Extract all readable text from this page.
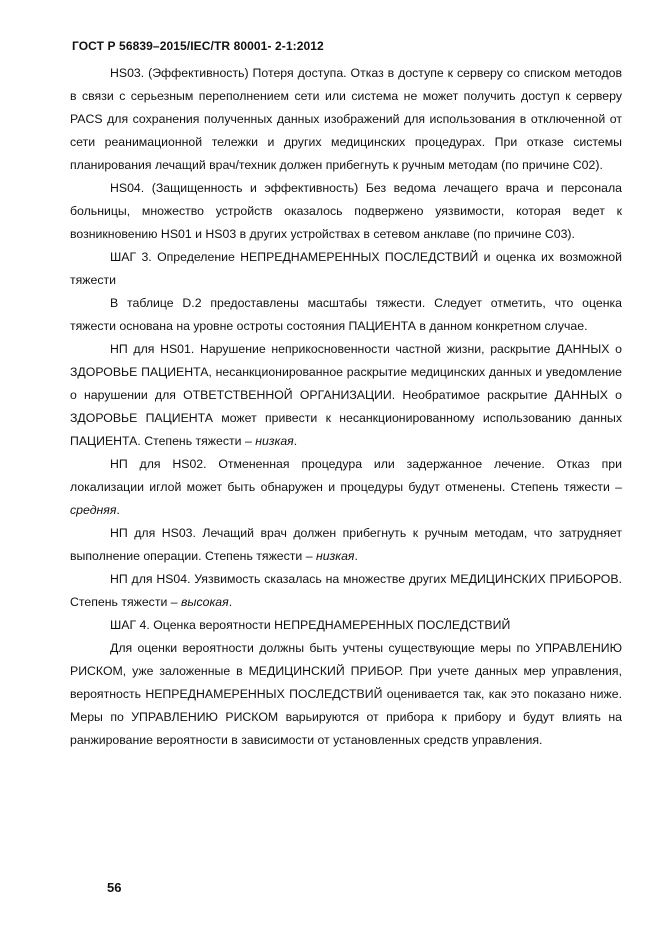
ГОСТ Р 56839–2015/IEC/TR 80001- 2-1:2012

HS03. (Эффективность) Потеря доступа. Отказ в доступе к серверу со списком методов в связи с серьезным переполнением сети или система не может получить доступ к серверу PACS для сохранения полученных данных изображений для использования в отключенной от сети реанимационной тележки и других медицинских процедурах. При отказе системы планирования лечащий врач/техник должен прибегнуть к ручным методам (по причине С02).

HS04. (Защищенность и эффективность) Без ведома лечащего врача и персонала больницы, множество устройств оказалось подвержено уязвимости, которая ведет к возникновению HS01 и HS03 в других устройствах в сетевом анклаве (по причине С03).

ШАГ 3. Определение НЕПРЕДНАМЕРЕННЫХ ПОСЛЕДСТВИЙ и оценка их возможной тяжести

В таблице D.2 предоставлены масштабы тяжести. Следует отметить, что оценка тяжести основана на уровне остроты состояния ПАЦИЕНТА в данном конкретном случае.

НП для HS01. Нарушение неприкосновенности частной жизни, раскрытие ДАННЫХ о ЗДОРОВЬЕ ПАЦИЕНТА, несанкционированное раскрытие медицинских данных и уведомление о нарушении для ОТВЕТСТВЕННОЙ ОРГАНИЗАЦИИ. Необратимое раскрытие ДАННЫХ о ЗДОРОВЬЕ ПАЦИЕНТА может привести к несанкционированному использованию данных ПАЦИЕНТА. Степень тяжести – низкая.

НП для HS02. Отмененная процедура или задержанное лечение. Отказ при локализации иглой может быть обнаружен и процедуры будут отменены. Степень тяжести – средняя.

НП для HS03. Лечащий врач должен прибегнуть к ручным методам, что затрудняет выполнение операции. Степень тяжести – низкая.

НП для HS04. Уязвимость сказалась на множестве других МЕДИЦИНСКИХ ПРИБОРОВ. Степень тяжести – высокая.

ШАГ 4. Оценка вероятности НЕПРЕДНАМЕРЕННЫХ ПОСЛЕДСТВИЙ

Для оценки вероятности должны быть учтены существующие меры по УПРАВЛЕНИЮ РИСКОМ, уже заложенные в МЕДИЦИНСКИЙ ПРИБОР. При учете данных мер управления, вероятность НЕПРЕДНАМЕРЕННЫХ ПОСЛЕДСТВИЙ оценивается так, как это показано ниже. Меры по УПРАВЛЕНИЮ РИСКОМ варьируются от прибора к прибору и будут влиять на ранжирование вероятности в зависимости от установленных средств управления.

56
